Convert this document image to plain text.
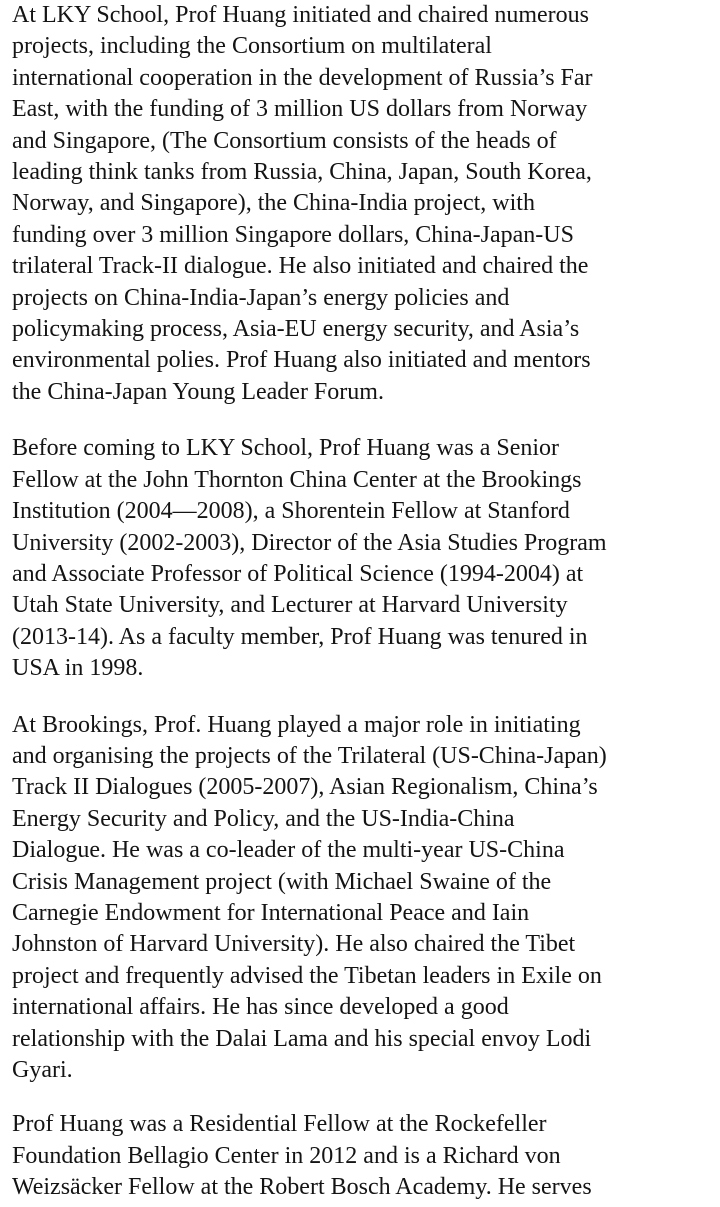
At LKY School, Prof Huang initiated and chaired numerous
projects, including the Consortium on multilateral
international cooperation in the development of Russia’s Far
East, with the funding of 3 million US dollars from Norway
and Singapore, (The Consortium consists of the heads of
leading think tanks from Russia, China, Japan, South Korea,
Norway, and Singapore), the China-India project, with
funding over 3 million Singapore dollars, China-Japan-US
trilateral Track-II dialogue. He also initiated and chaired the
projects on China-India-Japan’s energy policies and
policymaking process, Asia-EU energy security, and Asia’s
environmental polies. Prof Huang also initiated and mentors
the China-Japan Young Leader Forum.

Before coming to LKY School, Prof Huang was a Senior
Fellow at the John Thornton China Center at the Brookings
Institution (2004—2008), a Shorentein Fellow at Stanford
University (2002-2003), Director of the Asia Studies Program
and Associate Professor of Political Science (1994-2004) at
Utah State University, and Lecturer at Harvard University
(2013-14). As a faculty member, Prof Huang was tenured in
USA in 1998.

At Brookings, Prof. Huang played a major role in initiating
and organising the projects of the Trilateral (US-China-Japan)
Track II Dialogues (2005-2007), Asian Regionalism, China’s
Energy Security and Policy, and the US-India-China
Dialogue. He was a co-leader of the multi-year US-China
Crisis Management project (with Michael Swaine of the
Carnegie Endowment for International Peace and Iain
Johnston of Harvard University). He also chaired the Tibet
project and frequently advised the Tibetan leaders in Exile on
international affairs. He has since developed a good
relationship with the Dalai Lama and his special envoy Lodi
Gyari.

Prof Huang was a Residential Fellow at the Rockefeller
Foundation Bellagio Center in 2012 and is a Richard von
Weizsäcker Fellow at the Robert Bosch Academy. He serves
